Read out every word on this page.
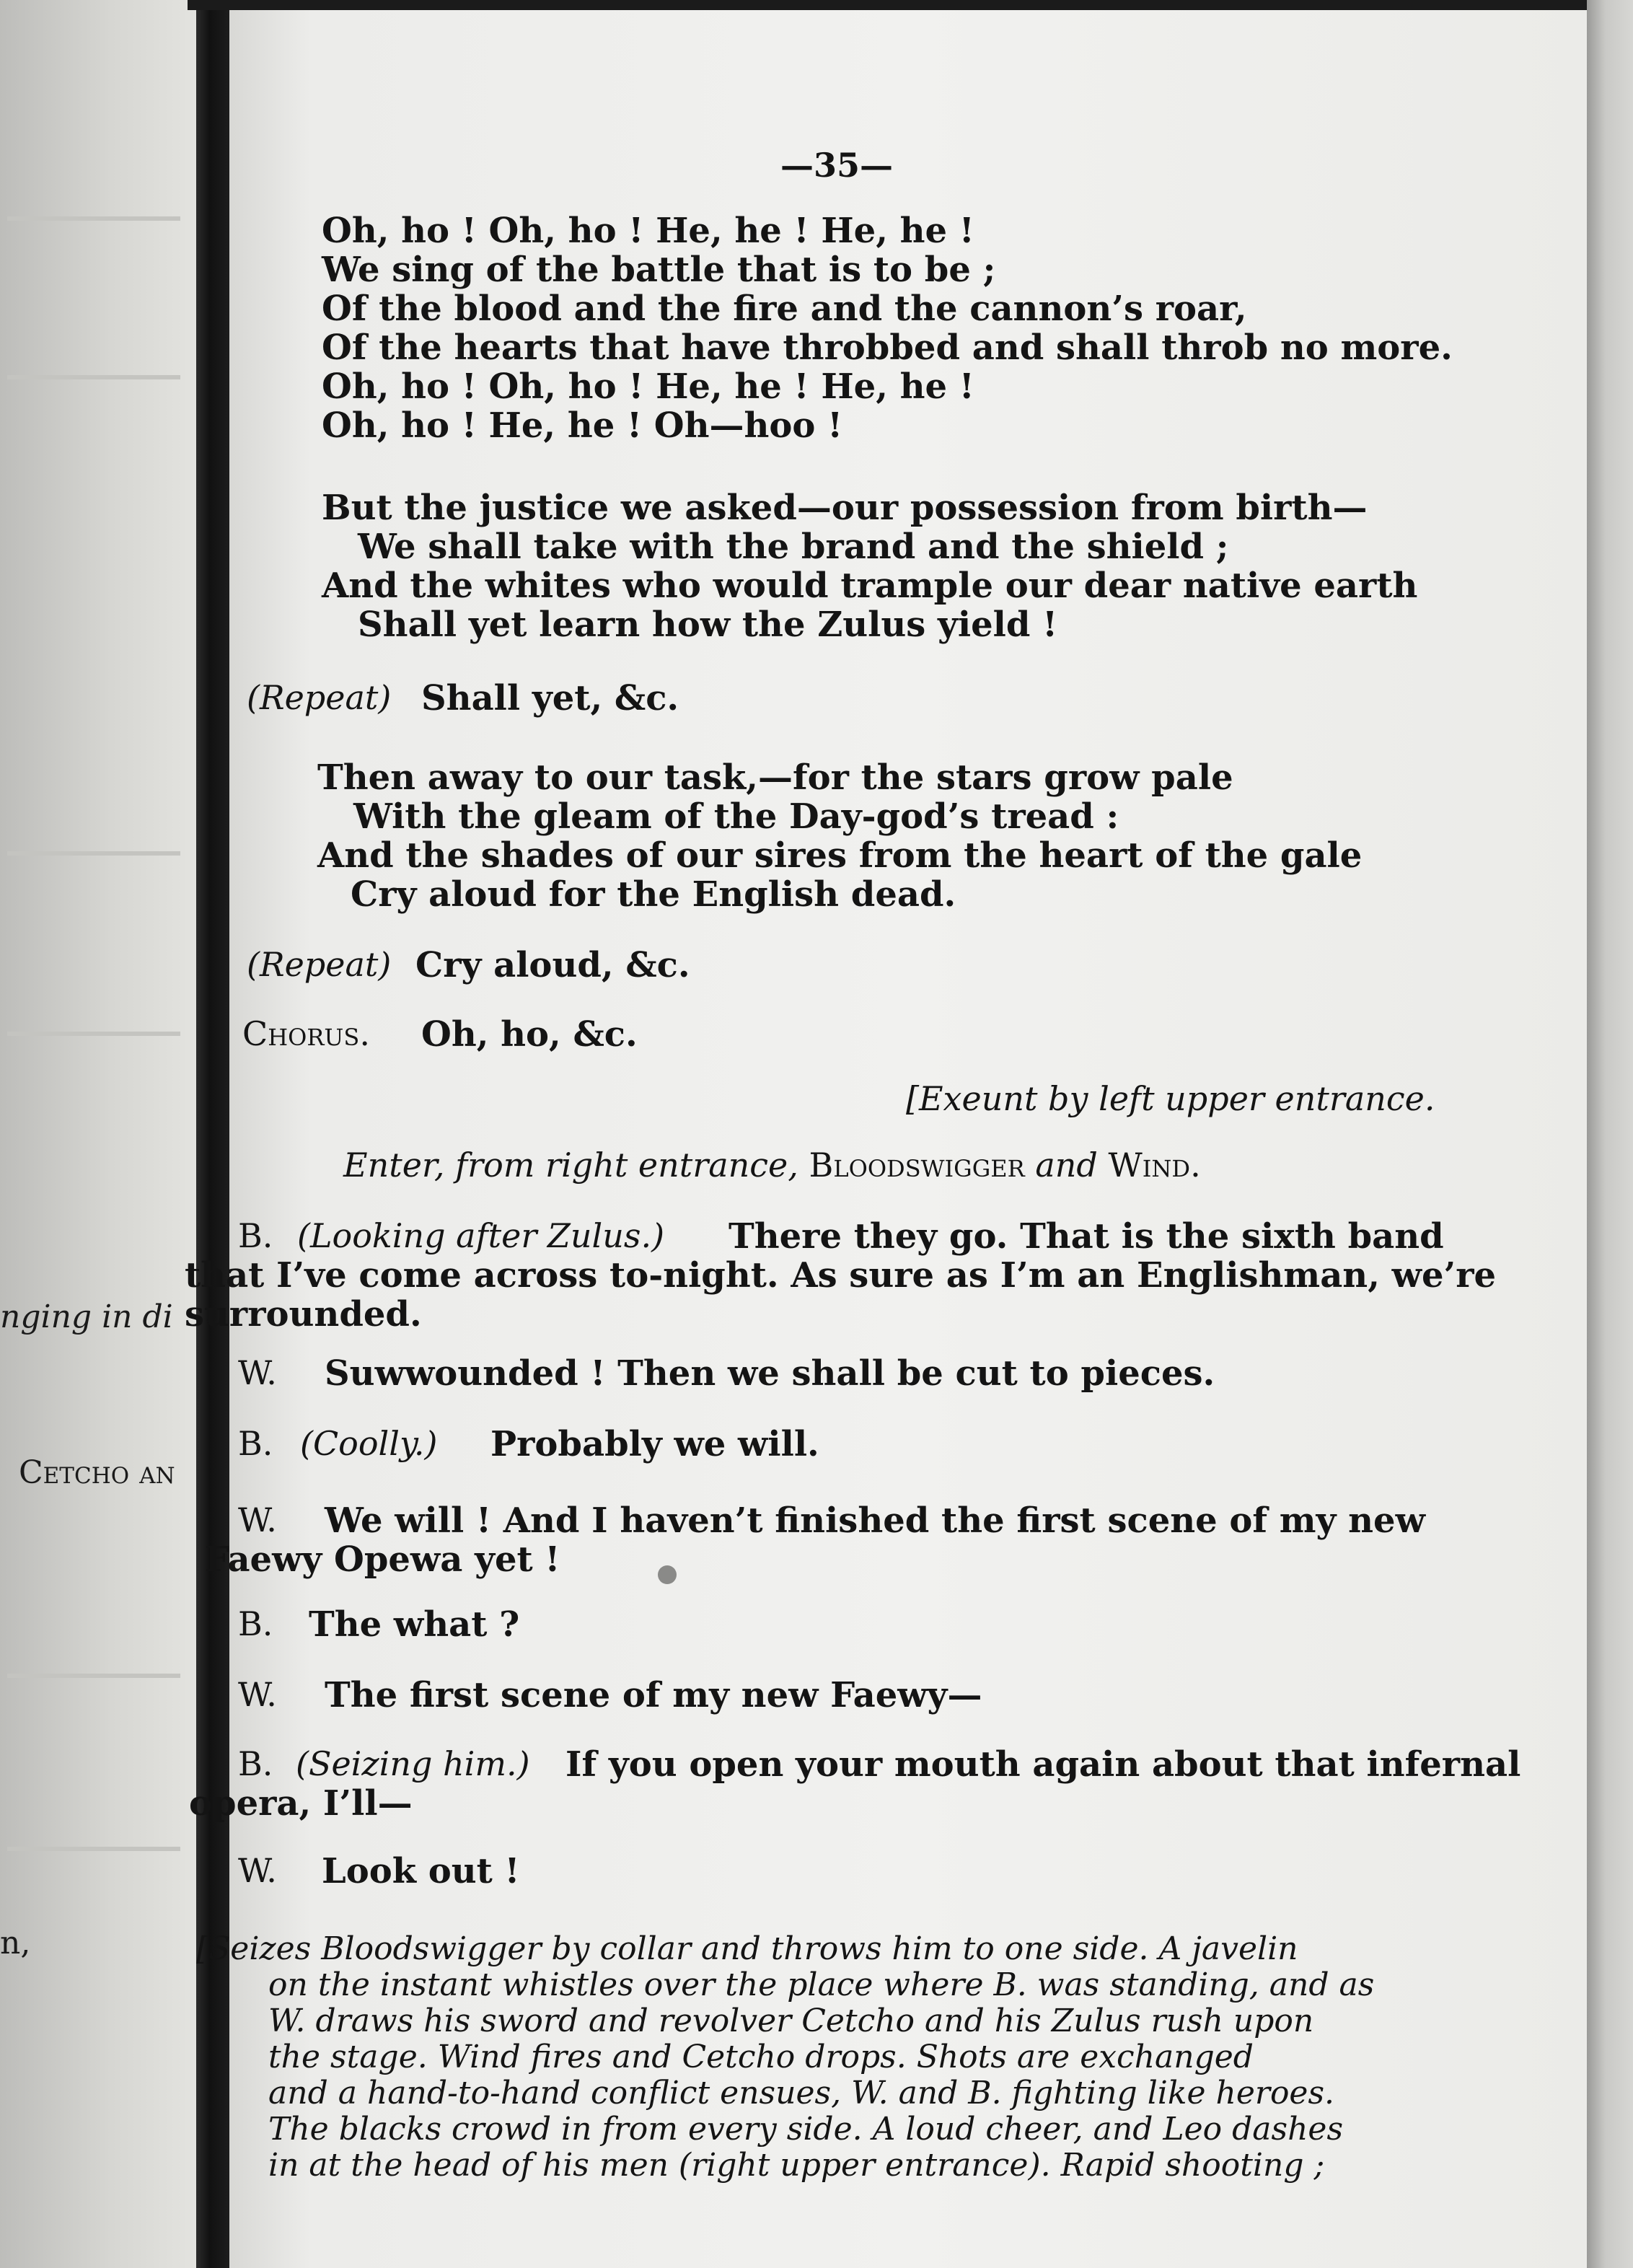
nging in di
Cetcho an
n,
—35—
Oh, ho ! Oh, ho ! He, he ! He, he !
We sing of the battle that is to be ;
Of the blood and the fire and the cannon’s roar,
Of the hearts that have throbbed and shall throb no more.
Oh, ho ! Oh, ho ! He, he ! He, he !
Oh, ho ! He, he ! Oh—hoo !
But the justice we asked—our possession from birth—
We shall take with the brand and the shield ;
And the whites who would trample our dear native earth
Shall yet learn how the Zulus yield !
(Repeat) Shall yet, &c.
Then away to our task,—for the stars grow pale
With the gleam of the Day-god’s tread :
And the shades of our sires from the heart of the gale
Cry aloud for the English dead.
(Repeat) Cry aloud, &c.
Chorus. Oh, ho, &c.
[Exeunt by left upper entrance.
Enter, from right entrance, Bloodswigger and Wind.
B. (Looking after Zulus.) There they go. That is the sixth band
that I’ve come across to-night. As sure as I’m an Englishman, we’re
surrounded.
W. Suwwounded ! Then we shall be cut to pieces.
B. (Coolly.) Probably we will.
W. We will ! And I haven’t finished the first scene of my new
Faewy Opewa yet !
B. The what ?
W. The first scene of my new Faewy—
B. (Seizing him.) If you open your mouth again about that infernal
opera, I’ll—
W. Look out !
[Seizes Bloodswigger by collar and throws him to one side. A javelin
on the instant whistles over the place where B. was standing, and as
W. draws his sword and revolver Cetcho and his Zulus rush upon
the stage. Wind fires and Cetcho drops. Shots are exchanged
and a hand-to-hand conflict ensues, W. and B. fighting like heroes.
The blacks crowd in from every side. A loud cheer, and Leo dashes
in at the head of his men (right upper entrance). Rapid shooting ;
